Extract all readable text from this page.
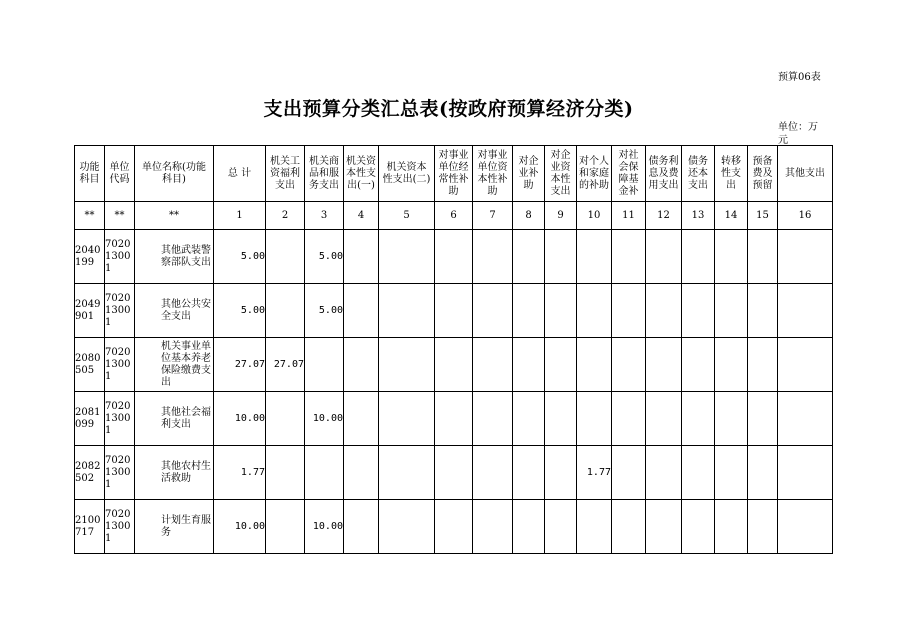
预算06表
支出预算分类汇总表(按政府预算经济分类)
单位：万元
功能科目	单位代码	单位名称(功能科目)	总 计	机关工资福利支出	机关商品和服务支出	机关资本性支出(一)	机关资本性支出(二)	对事业单位经常性补助	对事业单位资本性补助	对企业补助	对企业资本性支出	对个人和家庭的补助	对社会保障基金补	债务利息及费用支出	债务还本支出	转移性支出	预备费及预留	其他支出

**	**	**	1	2	3	4	5	6	7	8	9	10	11	12	13	14	15	16
2040199	702013001	其他武装警察部队支出	5.00		5.00													
2049901	702013001	其他公共安全支出	5.00		5.00													
2080505	702013001	机关事业单位基本养老保险缴费支出	27.07	27.07														
2081099	702013001	其他社会福利支出	10.00		10.00													
2082502	702013001	其他农村生活救助	1.77									1.77						
2100717	702013001	计划生育服务	10.00		10.00													
